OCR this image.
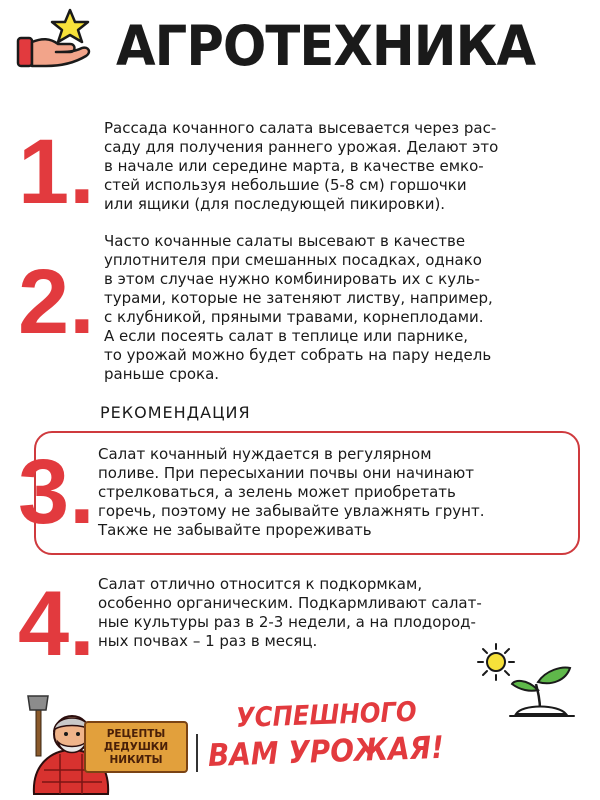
АГРОТЕХНИКА
1. Рассада кочанного салата высевается через рас-
саду для получения раннего урожая. Делают это
в начале или середине марта, в качестве емко-
стей используя небольшие (5-8 см) горшочки
или ящики (для последующей пикировки).
2.
Часто кочанные салаты высевают в качестве
уплотнителя при смешанных посадках, однако
в этом случае нужно комбинировать их с куль-
турами, которые не затеняют листву, например,
с клубникой, пряными травами, корнеплодами.
А если посеять салат в теплице или парнике,
то урожай можно будет собрать на пару недель
раньше срока.
РЕКОМЕНДАЦИЯ
3. Салат кочанный нуждается в регулярном
поливе. При пересыхании почвы они начинают
стрелковаться, а зелень может приобретать
горечь, поэтому не забывайте увлажнять грунт.
Также не забывайте прореживать
4. Салат отлично относится к подкормкам,
особенно органическим. Подкармливают салат-
ные культуры раз в 2-3 недели, а на плодород-
ных почвах – 1 раз в месяц.
РЕЦЕПТЫ
ДЕДУШКИ
НИКИТЫ
УСПЕШНОГО
ВАМ УРОЖАЯ!
